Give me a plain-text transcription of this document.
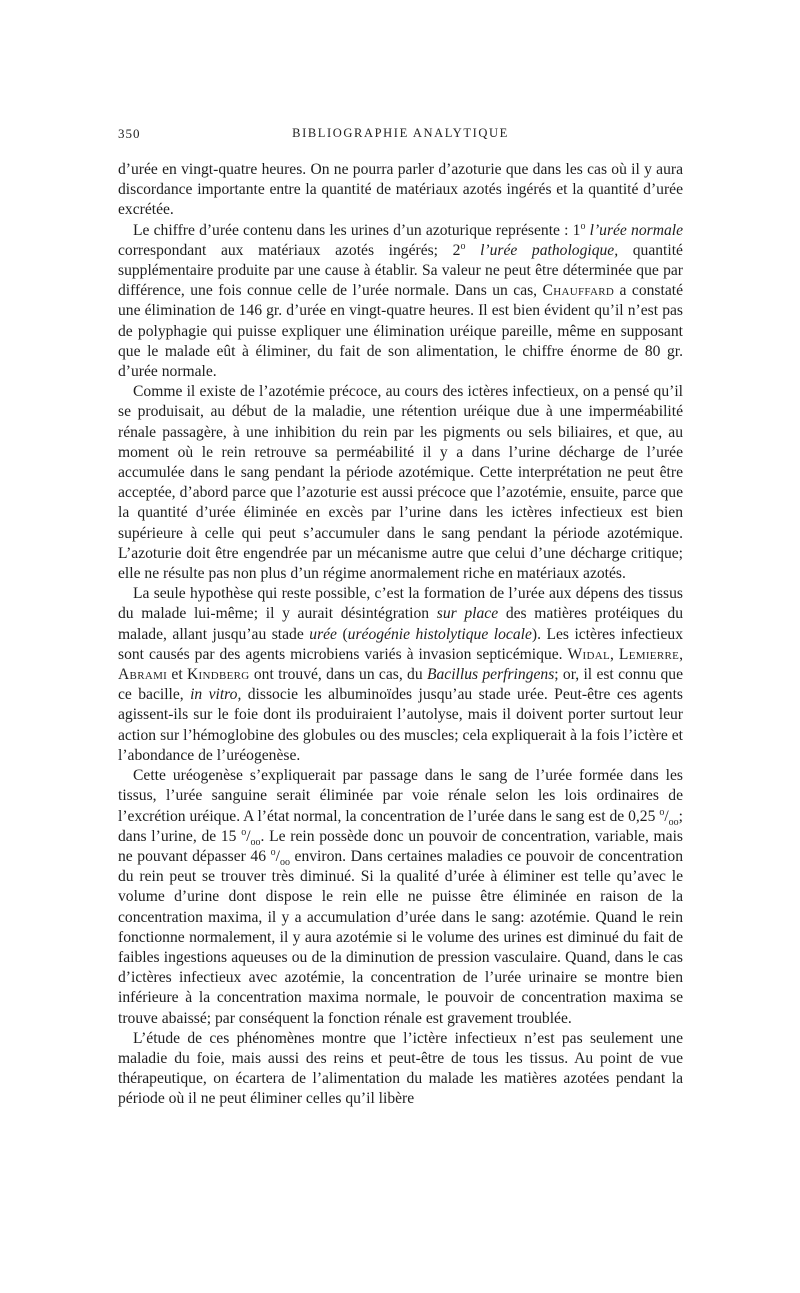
350	BIBLIOGRAPHIE ANALYTIQUE

d’urée en vingt-quatre heures. On ne pourra parler d’azoturie que dans les cas où il y aura discordance importante entre la quantité de matériaux azotés ingérés et la quantité d’urée excrétée.

Le chiffre d’urée contenu dans les urines d’un azoturique représente : 1$^o$ l’urée normale correspondant aux matériaux azotés ingérés; 2$^o$ l’urée pathologique, quantité supplémentaire produite par une cause à établir. Sa valeur ne peut être déterminée que par différence, une fois connue celle de l’urée normale. Dans un cas, Chauffard a constaté une élimination de 146 gr. d’urée en vingt-quatre heures. Il est bien évident qu’il n’est pas de polyphagie qui puisse expliquer une élimination uréique pareille, même en supposant que le malade eût à éliminer, du fait de son alimentation, le chiffre énorme de 80 gr. d’urée normale.

Comme il existe de l’azotémie précoce, au cours des ictères infectieux, on a pensé qu’il se produisait, au début de la maladie, une rétention uréique due à une imperméabilité rénale passagère, à une inhibition du rein par les pigments ou sels biliaires, et que, au moment où le rein retrouve sa perméabilité il y a dans l’urine décharge de l’urée accumulée dans le sang pendant la période azotémique. Cette interprétation ne peut être acceptée, d’abord parce que l’azoturie est aussi précoce que l’azotémie, ensuite, parce que la quantité d’urée éliminée en excès par l’urine dans les ictères infectieux est bien supérieure à celle qui peut s’accumuler dans le sang pendant la période azotémique. L’azoturie doit être engendrée par un mécanisme autre que celui d’une décharge critique; elle ne résulte pas non plus d’un régime anormalement riche en matériaux azotés.

La seule hypothèse qui reste possible, c’est la formation de l’urée aux dépens des tissus du malade lui-même; il y aurait désintégration sur place des matières protéiques du malade, allant jusqu’au stade urée (uréogénie histolytique locale). Les ictères infectieux sont causés par des agents microbiens variés à invasion septicémique. Widal, Lemierre, Abrami et Kindberg ont trouvé, dans un cas, du Bacillus perfringens; or, il est connu que ce bacille, in vitro, dissocie les albuminoïdes jusqu’au stade urée. Peut-être ces agents agissent-ils sur le foie dont ils produiraient l’autolyse, mais il doivent porter surtout leur action sur l’hémoglobine des globules ou des muscles; cela expliquerait à la fois l’ictère et l’abondance de l’uréogenèse.

Cette uréogenèse s’expliquerait par passage dans le sang de l’urée formée dans les tissus, l’urée sanguine serait éliminée par voie rénale selon les lois ordinaires de l’excrétion uréique. A l’état normal, la concentration de l’urée dans le sang est de 0,25 $^o/_{oo}$; dans l’urine, de 15 $^o/_{oo}$. Le rein possède donc un pouvoir de concentration, variable, mais ne pouvant dépasser 46 $^o/_{oo}$ environ. Dans certaines maladies ce pouvoir de concentration du rein peut se trouver très diminué. Si la qualité d’urée à éliminer est telle qu’avec le volume d’urine dont dispose le rein elle ne puisse être éliminée en raison de la concentration maxima, il y a accumulation d’urée dans le sang: azotémie. Quand le rein fonctionne normalement, il y aura azotémie si le volume des urines est diminué du fait de faibles ingestions aqueuses ou de la diminution de pression vasculaire. Quand, dans le cas d’ictères infectieux avec azotémie, la concentration de l’urée urinaire se montre bien inférieure à la concentration maxima normale, le pouvoir de concentration maxima se trouve abaissé; par conséquent la fonction rénale est gravement troublée.

L’étude de ces phénomènes montre que l’ictère infectieux n’est pas seulement une maladie du foie, mais aussi des reins et peut-être de tous les tissus. Au point de vue thérapeutique, on écartera de l’alimentation du malade les matières azotées pendant la période où il ne peut éliminer celles qu’il libère
